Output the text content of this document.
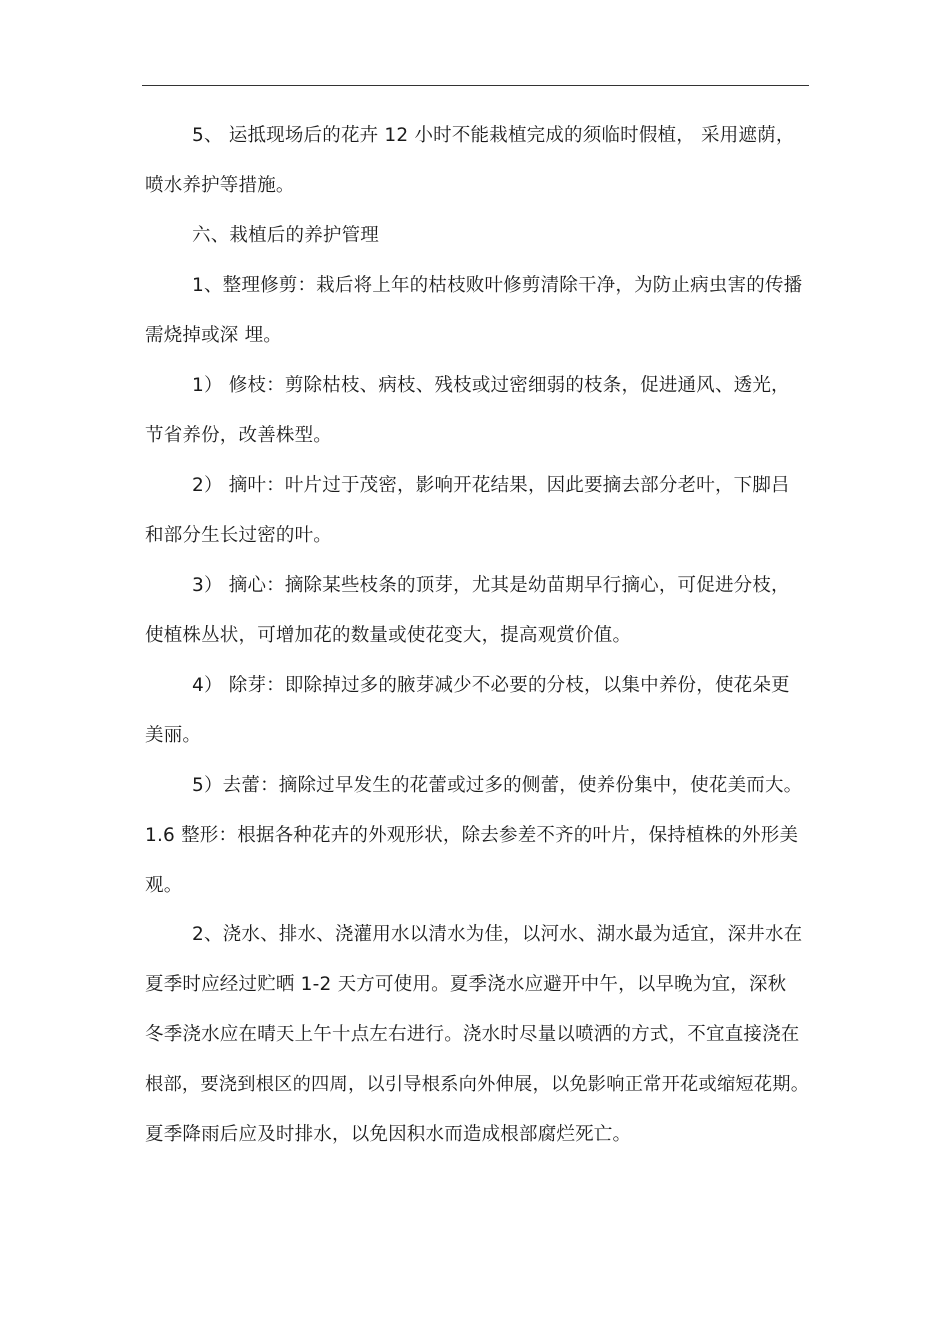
5、 运抵现场后的花卉 12 小时不能栽植完成的须临时假植， 采用遮荫，
喷水养护等措施。
六、栽植后的养护管理
1、整理修剪：栽后将上年的枯枝败叶修剪清除干净，为防止病虫害的传播
需烧掉或深 埋。
1） 修枝：剪除枯枝、病枝、残枝或过密细弱的枝条，促进通风、透光，
节省养份，改善株型。
2） 摘叶：叶片过于茂密，影响开花结果，因此要摘去部分老叶，下脚吕
和部分生长过密的叶。
3） 摘心：摘除某些枝条的顶芽，尤其是幼苗期早行摘心，可促进分枝，
使植株丛状，可增加花的数量或使花变大，提高观赏价值。
4） 除芽：即除掉过多的腋芽减少不必要的分枝，以集中养份，使花朵更
美丽。
5）去蕾：摘除过早发生的花蕾或过多的侧蕾，使养份集中，使花美而大。
1.6 整形：根据各种花卉的外观形状，除去参差不齐的叶片，保持植株的外形美
观。
2、浇水、排水、浇灌用水以清水为佳，以河水、湖水最为适宜，深井水在
夏季时应经过贮晒 1-2 天方可使用。夏季浇水应避开中午，以早晚为宜，深秋
冬季浇水应在晴天上午十点左右进行。浇水时尽量以喷洒的方式，不宜直接浇在
根部，要浇到根区的四周，以引导根系向外伸展，以免影响正常开花或缩短花期。
夏季降雨后应及时排水，以免因积水而造成根部腐烂死亡。
